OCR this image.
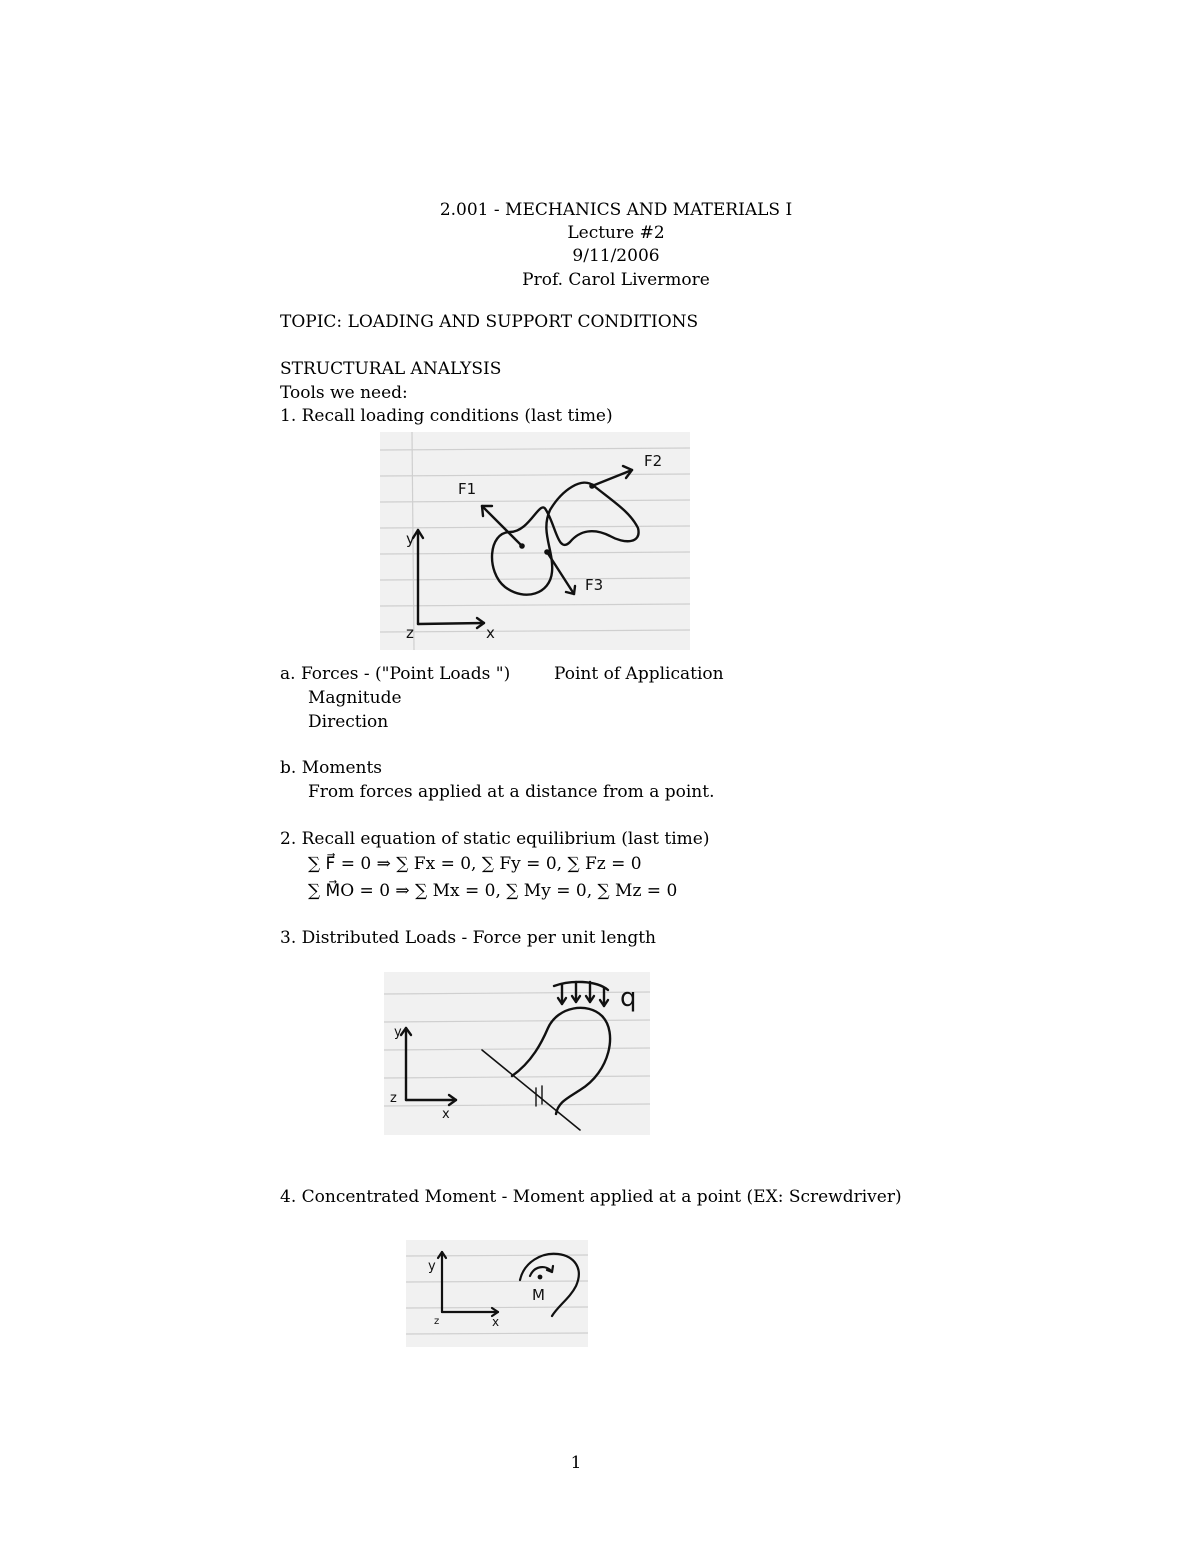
2.001 - MECHANICS AND MATERIALS I
Lecture #2
9/11/2006
Prof. Carol Livermore
TOPIC: LOADING AND SUPPORT CONDITIONS
STRUCTURAL ANALYSIS
Tools we need:
1. Recall loading conditions (last time)
F1
F2
F3
x
y
z
a. Forces - ("Point Loads ")	Point of Application
Magnitude
Direction
b. Moments
From forces applied at a distance from a point.
2. Recall equation of static equilibrium (last time)
∑ F⃗ = 0 ⇒ ∑ Fx = 0, ∑ Fy = 0, ∑ Fz = 0
∑ M⃗O = 0 ⇒ ∑ Mx = 0, ∑ My = 0, ∑ Mz = 0
3. Distributed Loads - Force per unit length
q
x
y
z
4. Concentrated Moment - Moment applied at a point (EX: Screwdriver)
M
x
y
z
1
